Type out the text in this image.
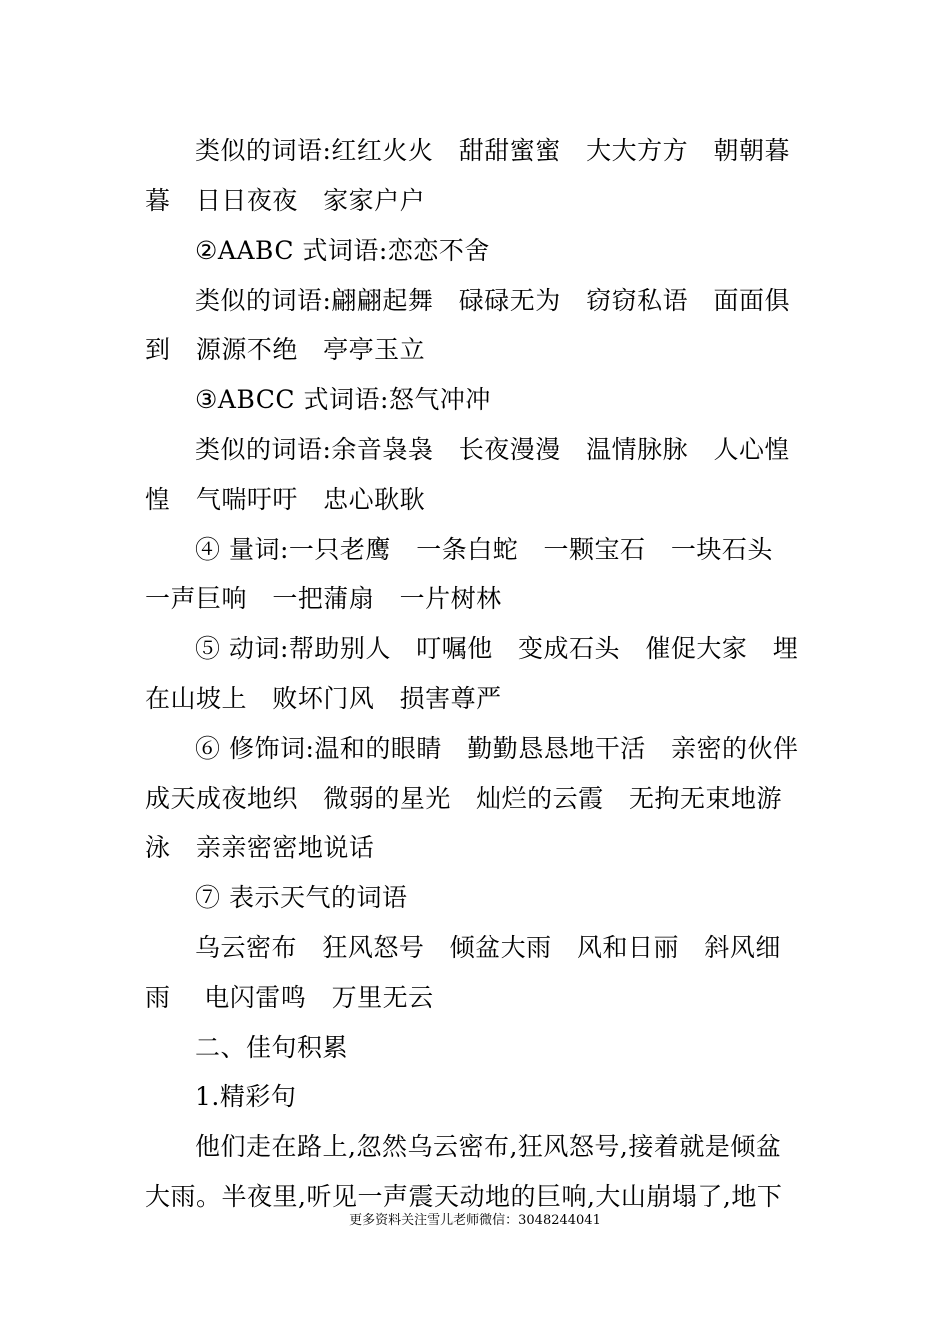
类似的词语:红红火火   甜甜蜜蜜   大大方方   朝朝暮
暮   日日夜夜   家家户户
②AABC 式词语:恋恋不舍
类似的词语:翩翩起舞   碌碌无为   窃窃私语   面面俱
到   源源不绝   亭亭玉立
③ABCC 式词语:怒气冲冲
类似的词语:余音袅袅   长夜漫漫   温情脉脉   人心惶
惶   气喘吁吁   忠心耿耿
④ 量词:一只老鹰   一条白蛇   一颗宝石   一块石头
一声巨响   一把蒲扇   一片树林
⑤ 动词:帮助别人   叮嘱他   变成石头   催促大家   埋
在山坡上   败坏门风   损害尊严
⑥ 修饰词:温和的眼睛   勤勤恳恳地干活   亲密的伙伴
成天成夜地织   微弱的星光   灿烂的云霞   无拘无束地游
泳   亲亲密密地说话
⑦ 表示天气的词语
乌云密布   狂风怒号   倾盆大雨   风和日丽   斜风细
雨    电闪雷鸣   万里无云
二、佳句积累
1.精彩句
他们走在路上,忽然乌云密布,狂风怒号,接着就是倾盆
大雨。半夜里,听见一声震天动地的巨响,大山崩塌了,地下
更多资料关注雪儿老师微信：3048244041
